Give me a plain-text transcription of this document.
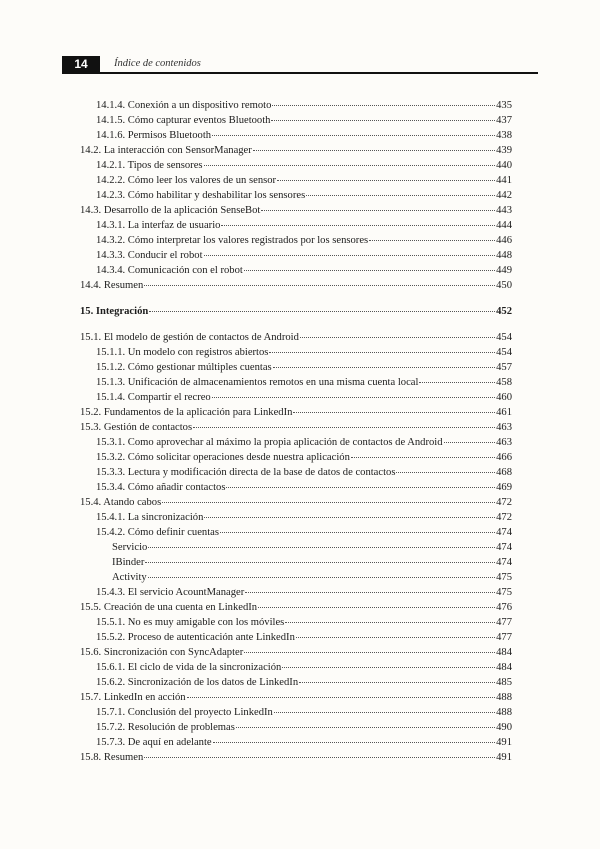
14	Índice de contenidos
14.1.4. Conexión a un dispositivo remoto	435
14.1.5. Cómo capturar eventos Bluetooth	437
14.1.6. Permisos Bluetooth	438
14.2. La interacción con SensorManager	439
14.2.1. Tipos de sensores	440
14.2.2. Cómo leer los valores de un sensor	441
14.2.3. Cómo habilitar y deshabilitar los sensores	442
14.3. Desarrollo de la aplicación SenseBot	443
14.3.1. La interfaz de usuario	444
14.3.2. Cómo interpretar los valores registrados por los sensores	446
14.3.3. Conducir el robot	448
14.3.4. Comunicación con el robot	449
14.4. Resumen	450
15. Integración	452
15.1. El modelo de gestión de contactos de Android	454
15.1.1. Un modelo con registros abiertos	454
15.1.2. Cómo gestionar múltiples cuentas	457
15.1.3. Unificación de almacenamientos remotos en una misma cuenta local	458
15.1.4. Compartir el recreo	460
15.2. Fundamentos de la aplicación para LinkedIn	461
15.3. Gestión de contactos	463
15.3.1. Como aprovechar al máximo la propia aplicación de contactos de Android	463
15.3.2. Cómo solicitar operaciones desde nuestra aplicación	466
15.3.3. Lectura y modificación directa de la base de datos de contactos	468
15.3.4. Cómo añadir contactos	469
15.4. Atando cabos	472
15.4.1. La sincronización	472
15.4.2. Cómo definir cuentas	474
Servicio	474
IBinder	474
Activity	475
15.4.3. El servicio AcountManager	475
15.5. Creación de una cuenta en LinkedIn	476
15.5.1. No es muy amigable con los móviles	477
15.5.2. Proceso de autenticación ante LinkedIn	477
15.6. Sincronización con SyncAdapter	484
15.6.1. El ciclo de vida de la sincronización	484
15.6.2. Sincronización de los datos de LinkedIn	485
15.7. LinkedIn en acción	488
15.7.1. Conclusión del proyecto LinkedIn	488
15.7.2. Resolución de problemas	490
15.7.3. De aquí en adelante	491
15.8. Resumen	491
